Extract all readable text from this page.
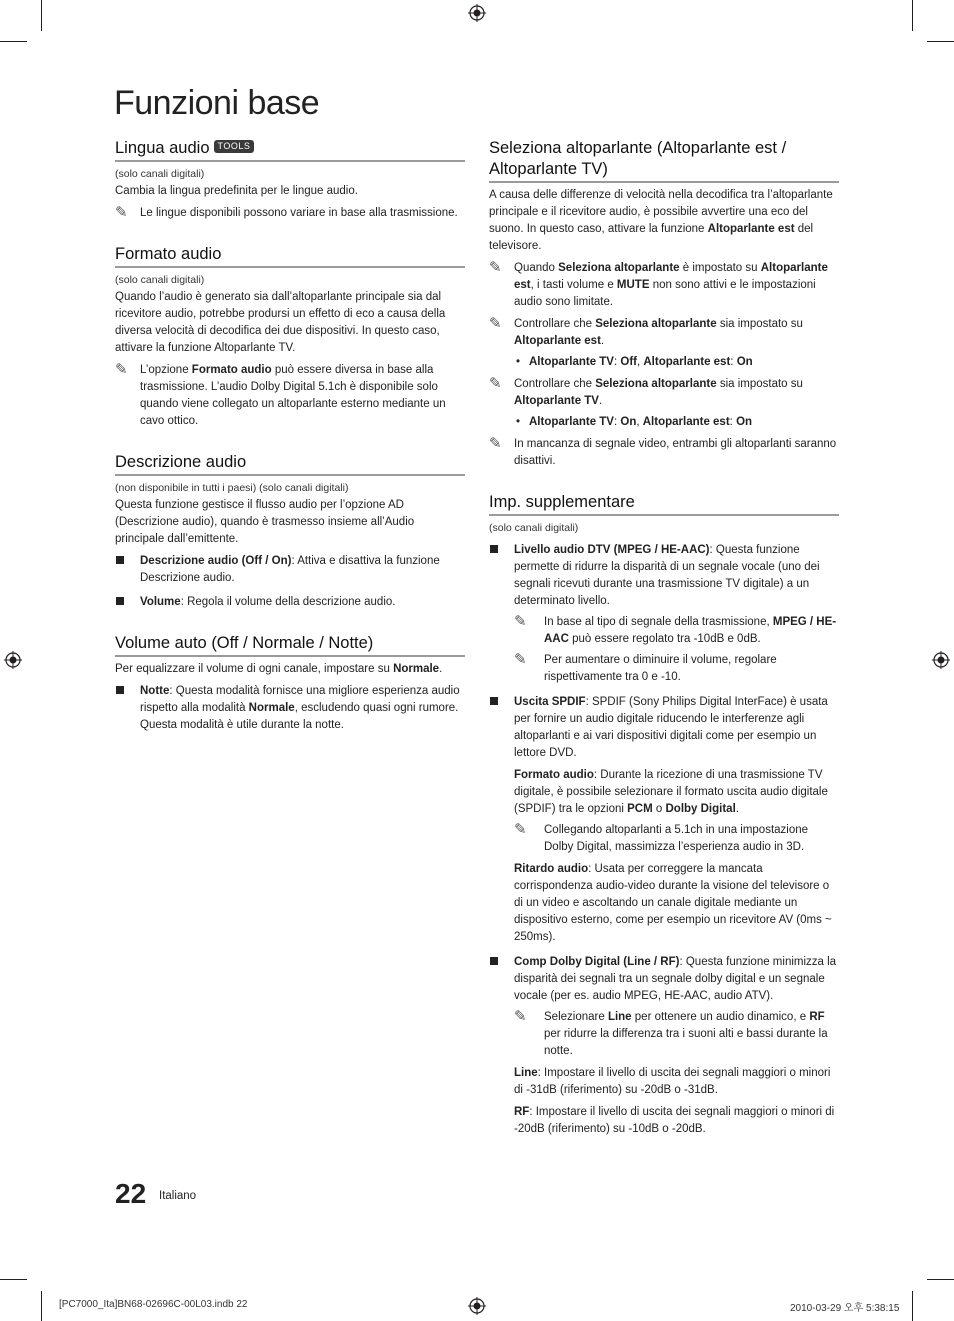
Funzioni base
Lingua audio TOOLS

(solo canali digitali)

Cambia la lingua predefinita per le lingue audio.

✎ Le lingue disponibili possono variare in base alla trasmissione.
Formato audio

(solo canali digitali)

Quando l’audio è generato sia dall’altoparlante principale sia dal ricevitore audio, potrebbe prodursi un effetto di eco a causa della diversa velocità di decodifica dei due dispositivi. In questo caso, attivare la funzione Altoparlante TV.

✎ L’opzione Formato audio può essere diversa in base alla trasmissione. L’audio Dolby Digital 5.1ch è disponibile solo quando viene collegato un altoparlante esterno mediante un cavo ottico.
Descrizione audio

(non disponibile in tutti i paesi) (solo canali digitali)

Questa funzione gestisce il flusso audio per l’opzione AD (Descrizione audio), quando è trasmesso insieme all’Audio principale dall’emittente.

Descrizione audio (Off / On): Attiva e disattiva la funzione Descrizione audio.
Volume: Regola il volume della descrizione audio.
Volume auto (Off / Normale / Notte)

Per equalizzare il volume di ogni canale, impostare su Normale.

Notte: Questa modalità fornisce una migliore esperienza audio rispetto alla modalità Normale, escludendo quasi ogni rumore. Questa modalità è utile durante la notte.
Seleziona altoparlante (Altoparlante est / Altoparlante TV)

A causa delle differenze di velocità nella decodifica tra l’altoparlante principale e il ricevitore audio, è possibile avvertire una eco del suono. In questo caso, attivare la funzione Altoparlante est del televisore.

✎ Quando Seleziona altoparlante è impostato su Altoparlante est, i tasti volume e MUTE non sono attivi e le impostazioni audio sono limitate.
✎ Controllare che Seleziona altoparlante sia impostato su Altoparlante est.
• Altoparlante TV: Off, Altoparlante est: On
✎ Controllare che Seleziona altoparlante sia impostato su Altoparlante TV.
• Altoparlante TV: On, Altoparlante est: On
✎ In mancanza di segnale video, entrambi gli altoparlanti saranno disattivi.
Imp. supplementare

(solo canali digitali)

Livello audio DTV (MPEG / HE-AAC): Questa funzione permette di ridurre la disparità di un segnale vocale (uno dei segnali ricevuti durante una trasmissione TV digitale) a un determinato livello.
✎ In base al tipo di segnale della trasmissione, MPEG / HE-AAC può essere regolato tra -10dB e 0dB.
✎ Per aumentare o diminuire il volume, regolare rispettivamente tra 0 e -10.
Uscita SPDIF: SPDIF (Sony Philips Digital InterFace) è usata per fornire un audio digitale riducendo le interferenze agli altoparlanti e ai vari dispositivi digitali come per esempio un lettore DVD.
Formato audio: Durante la ricezione di una trasmissione TV digitale, è possibile selezionare il formato uscita audio digitale (SPDIF) tra le opzioni PCM o Dolby Digital.
✎ Collegando altoparlanti a 5.1ch in una impostazione Dolby Digital, massimizza l’esperienza audio in 3D.
Ritardo audio: Usata per correggere la mancata corrispondenza audio-video durante la visione del televisore o di un video e ascoltando un canale digitale mediante un dispositivo esterno, come per esempio un ricevitore AV (0ms ~ 250ms).
Comp Dolby Digital (Line / RF): Questa funzione minimizza la disparità dei segnali tra un segnale dolby digital e un segnale vocale (per es. audio MPEG, HE-AAC, audio ATV).
✎ Selezionare Line per ottenere un audio dinamico, e RF per ridurre la differenza tra i suoni alti e bassi durante la notte.
Line: Impostare il livello di uscita dei segnali maggiori o minori di -31dB (riferimento) su -20dB o -31dB.
RF: Impostare il livello di uscita dei segnali maggiori o minori di -20dB (riferimento) su -10dB o -20dB.
22 Italiano
[PC7000_Ita]BN68-02696C-00L03.indb 22	2010-03-29 오후 5:38:15
